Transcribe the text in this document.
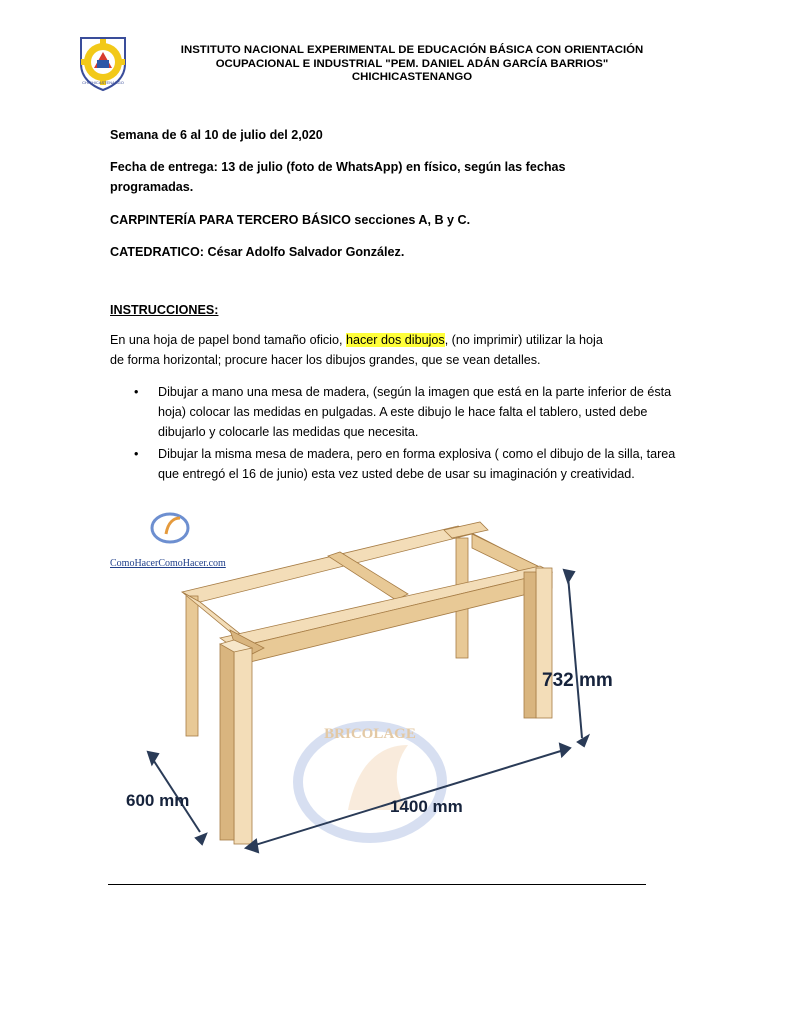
CHICHICASTENANGO
INSTITUTO NACIONAL EXPERIMENTAL DE EDUCACIÓN BÁSICA CON ORIENTACIÓN
OCUPACIONAL E INDUSTRIAL "PEM. DANIEL ADÁN GARCÍA BARRIOS"
CHICHICASTENANGO
Semana de 6 al 10 de julio del 2,020
Fecha de entrega: 13 de julio (foto de WhatsApp) en físico, según las fechas
programadas.
CARPINTERÍA PARA TERCERO BÁSICO secciones A, B y C.
CATEDRATICO: César Adolfo Salvador González.
INSTRUCCIONES:
En una hoja de papel bond tamaño oficio, hacer dos dibujos, (no imprimir) utilizar la hoja
de forma horizontal; procure hacer los dibujos grandes, que se vean detalles.
• Dibujar a mano una mesa de madera, (según la imagen que está en la parte inferior de ésta hoja) colocar las medidas en pulgadas. A este dibujo le hace falta el tablero, usted debe dibujarlo y colocarle las medidas que necesita.
• Dibujar la misma mesa de madera, pero en forma explosiva ( como el dibujo de la silla, tarea que entregó el 16 de junio) esta vez usted debe de usar su imaginación y creatividad.
BRICOLAGE
ComoHacerComoHacer.com
732 mm
600 mm	1400 mm
